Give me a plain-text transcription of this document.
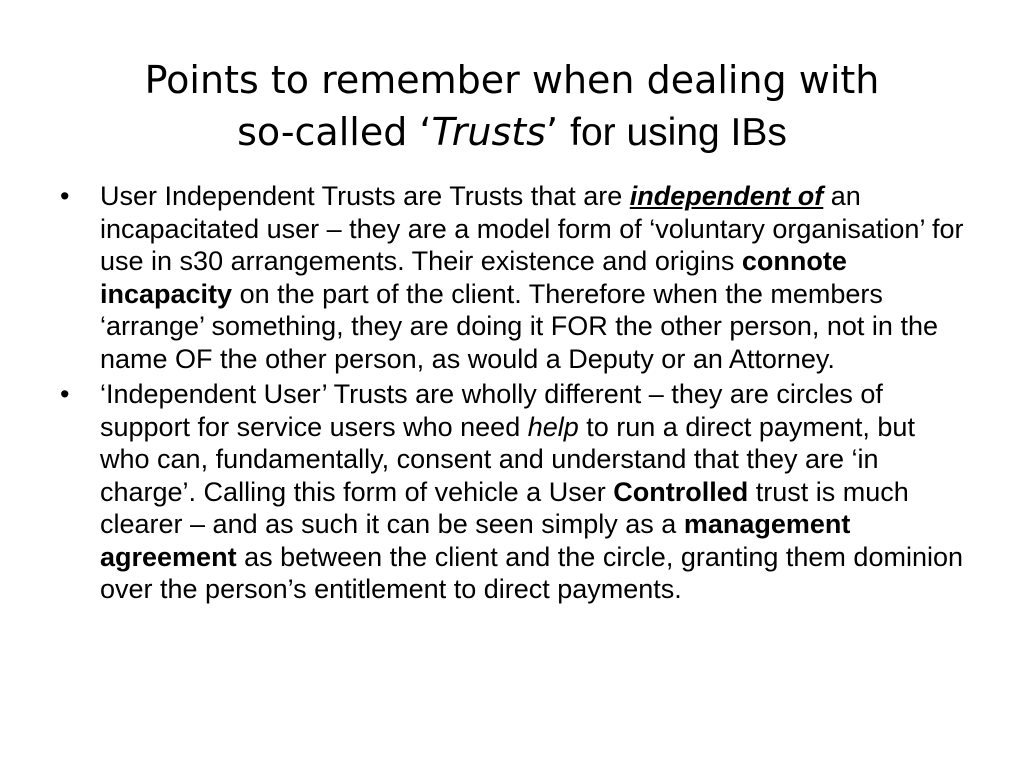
Points to remember when dealing with
so-called ‘Trusts’ for using IBs
• User Independent Trusts are Trusts that are independent of an incapacitated user – they are a model form of ‘voluntary organisation’ for use in s30 arrangements. Their existence and origins connote incapacity on the part of the client. Therefore when the members ‘arrange’ something, they are doing it FOR the other person, not in the name OF the other person, as would a Deputy or an Attorney.
• ‘Independent User’ Trusts are wholly different – they are circles of support for service users who need help to run a direct payment, but who can, fundamentally, consent and understand that they are ‘in charge’. Calling this form of vehicle a User Controlled trust is much clearer – and as such it can be seen simply as a management agreement as between the client and the circle, granting them dominion over the person’s entitlement to direct payments.
